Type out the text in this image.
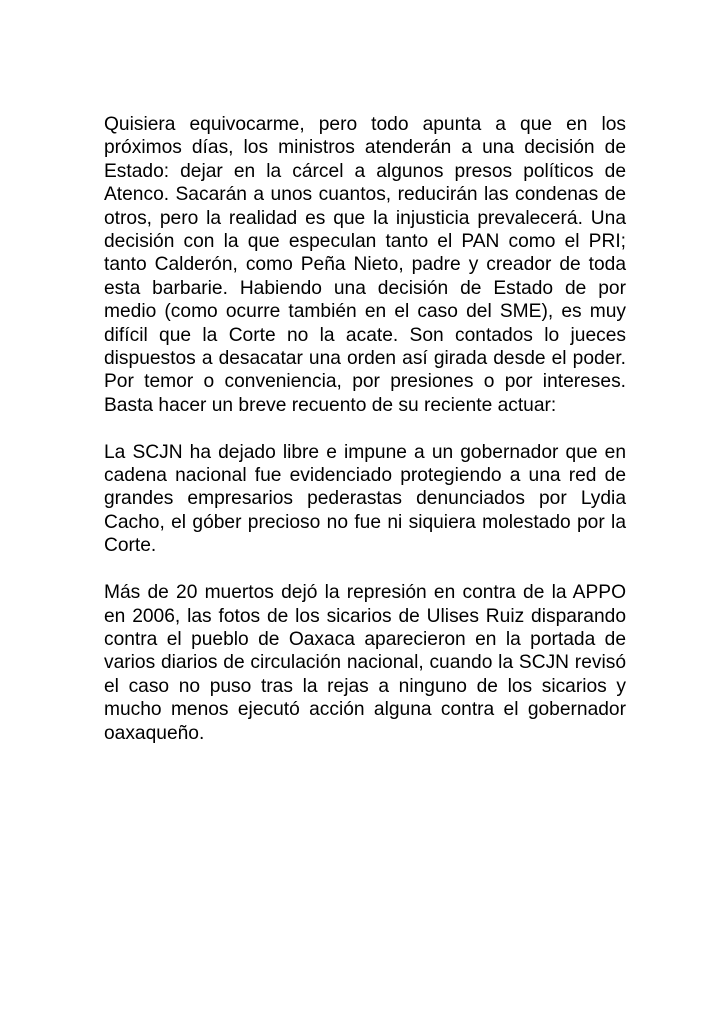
Quisiera equivocarme, pero todo apunta a que en los próximos días, los ministros atenderán a una decisión de Estado: dejar en la cárcel a algunos presos políticos de Atenco. Sacarán a unos cuantos, reducirán las condenas de otros, pero la realidad es que la injusticia prevalecerá. Una decisión con la que especulan tanto el PAN como el PRI; tanto Calderón, como Peña Nieto, padre y creador de toda esta barbarie. Habiendo una decisión de Estado de por medio (como ocurre también en el caso del SME), es muy difícil que la Corte no la acate. Son contados lo jueces dispuestos a desacatar una orden así girada desde el poder. Por temor o conveniencia, por presiones o por intereses. Basta hacer un breve recuento de su reciente actuar:

La SCJN ha dejado libre e impune a un gobernador que en cadena nacional fue evidenciado protegiendo a una red de grandes empresarios pederastas denunciados por Lydia Cacho, el góber precioso no fue ni siquiera molestado por la Corte.

Más de 20 muertos dejó la represión en contra de la APPO en 2006, las fotos de los sicarios de Ulises Ruiz disparando contra el pueblo de Oaxaca aparecieron en la portada de varios diarios de circulación nacional, cuando la SCJN revisó el caso no puso tras la rejas a ninguno de los sicarios y mucho menos ejecutó acción alguna contra el gobernador oaxaqueño.
